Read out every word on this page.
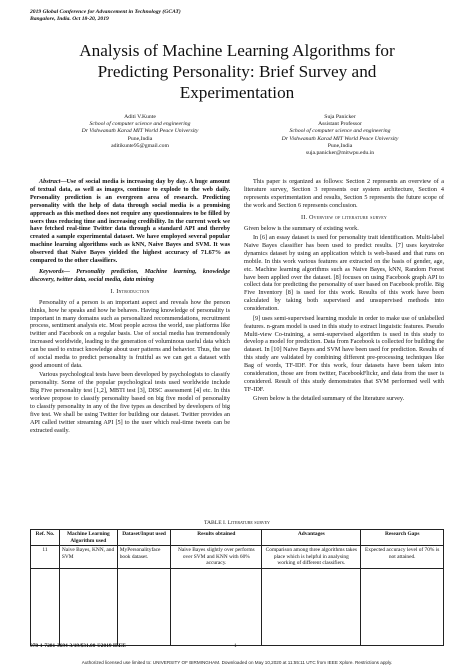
2019 Global Conference for Advancement in Technology (GCAT)
Bangalore, India. Oct 18-20, 2019
Analysis of Machine Learning Algorithms for
Predicting Personality: Brief Survey and
Experimentation
Aditi V.Kunte
School of computer science and engineering
Dr Vishwanath Karad MIT World Peace University
Pune,India
aditikunte95@gmail.com
Suja Panicker
Assistant Professor
School of computer science and engineering
Dr Vishwanath Karad MIT World Peace University
Pune,India
suja.panicker@mitwpu.edu.in

Abstract—Use of social media is increasing day by day. A huge amount of textual data, as well as images, continue to explode to the web daily. Personality prediction is an evergreen area of research. Predicting personality with the help of data through social media is a promising approach as this method does not require any questionnaires to be filled by users thus reducing time and increasing credibility. In the current work we have fetched real-time Twitter data through a standard API and thereby created a sample experimental dataset. We have employed several popular machine learning algorithms such as kNN, Naive Bayes and SVM. It was observed that Naive Bayes yielded the highest accuracy of 71.67% as compared to the other classifiers.

Keywords— Personality prediction, Machine learning, knowledge discovery, twitter data, social media, data mining

I. Introduction

Personality of a person is an important aspect and reveals how the person thinks, how he speaks and how he behaves. Having knowledge of personality is important in many domains such as personalized recommendations, recruitment process, sentiment analysis etc. Most people across the world, use platforms like twitter and Facebook on a regular basis. Use of social media has tremendously increased worldwide, leading to the generation of voluminous useful data which can be used to extract knowledge about user patterns and behavior. Thus, the use of social media to predict personality is fruitful as we can get a dataset with good amount of data.

Various psychological tests have been developed by psychologists to classify personality. Some of the popular psychological tests used worldwide include Big Five personality test [1,2], MBTI test [3], DISC assessment [4] etc. In this workwe propose to classify personality based on big five model of personality to classify personality in any of the five types as described by developers of big five test. We shall be using Twitter for building our dataset. Twitter provides an API called twitter streaming API [5] to the user which real-time tweets can be extracted easily.

This paper is organized as follows: Section 2 represents an overview of a literature survey, Section 3 represents our system architecture, Section 4 represents experimentation and results, Section 5 represents the future scope of the work and Section 6 represents conclusion.

II. Overview of literature survey

Given below is the summary of existing work.

In [6] an essay dataset is used for personality trait identification. Multi-label Naive Bayes classifier has been used to predict results. [7] uses keystroke dynamics dataset by using an application which is web-based and that runs on mobile. In this work various features are extracted on the basis of gender, age, etc. Machine learning algorithms such as Naive Bayes, kNN, Random Forest have been applied over the dataset. [8] focuses on using Facebook graph API to collect data for predicting the personality of user based on Facebook profile. Big Five Inventory [8] is used for this work. Results of this work have been calculated by taking both supervised and unsupervised methods into consideration.

[9] uses semi-supervised learning module in order to make use of unlabelled features. n-gram model is used in this study to extract linguistic features. Pseudo Multi-view Co-training, a semi-supervised algorithm is used in this study to develop a model for prediction. Data from Facebook is collected for building the dataset. In [10] Naive Bayes and SVM have been used for prediction. Results of this study are validated by combining different pre-processing techniques like Bag of words, TF-IDF. For this work, four datasets have been taken into consideration, those are from twitter, FacebookFlickr, and data from the user is considered. Result of this study demonstrates that SVM performed well with TF-IDF.

Given below is the detailed summary of the literature survey.

TABLE I. Literature survey
Ref. No.	Machine Learning Algorithm used	Dataset/Input used	Results obtained	Advantages	Research Gaps
11	Naive Bayes, KNN, and SVM	MyPersonalityface book dataset.	Naive Bayes slightly over performs over SVM and KNN with 60% accuracy.	Comparison among three algorithms takes place which is helpful in analysing working of different classifiers.	Expected accuracy level of 70% is not attained.

978-1-7281-3694-3/19/$31.00 ©2019 IEEE	1
Authorized licensed use limited to: UNIVERSITY OF BIRMINGHAM. Downloaded on May 10,2020 at 11:55:11 UTC from IEEE Xplore. Restrictions apply.
